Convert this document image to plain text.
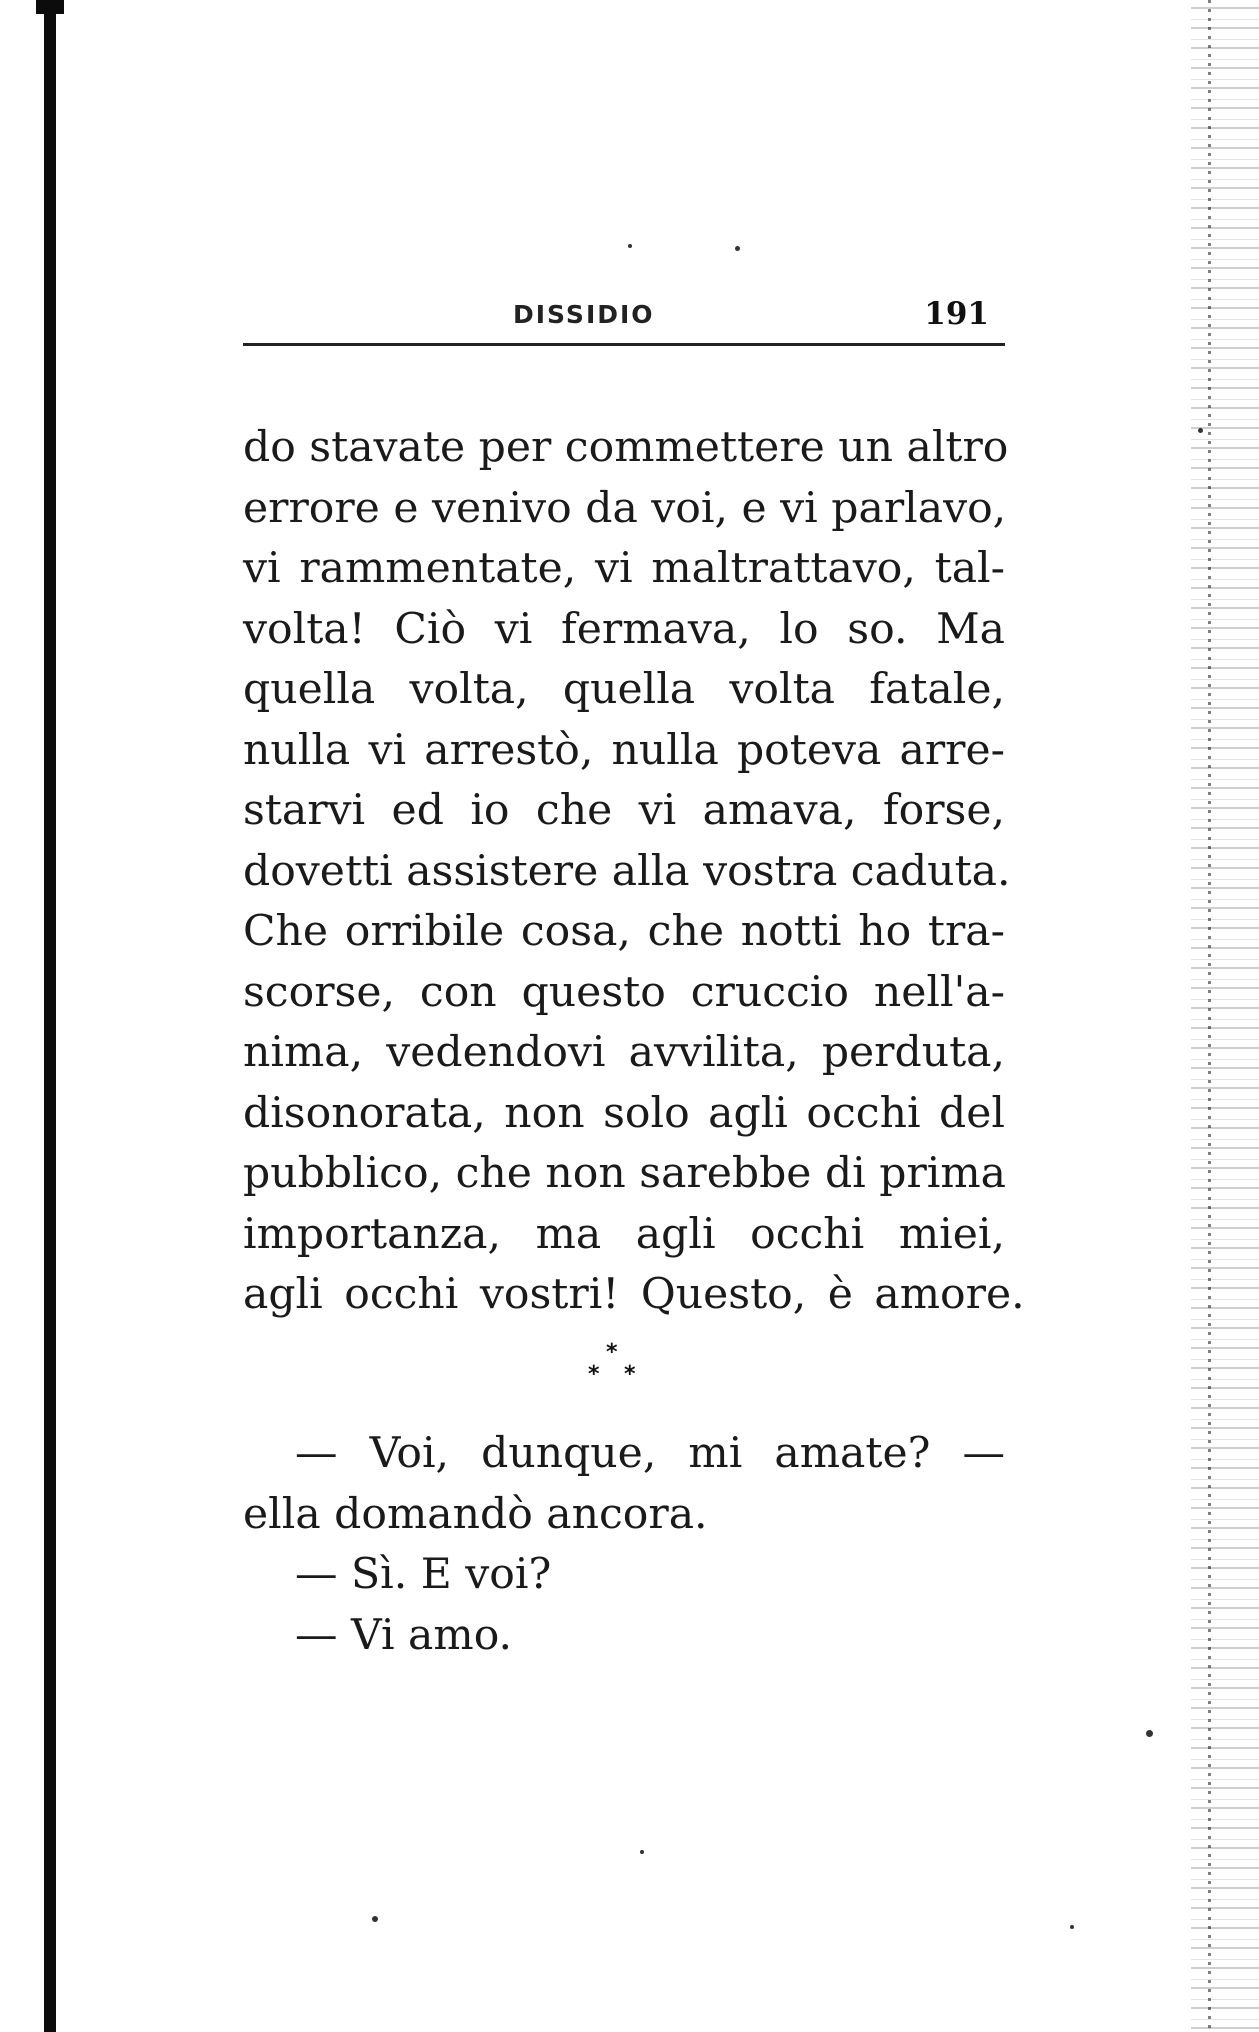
DISSIDIO	191
do stavate per commettere un altro
errore e venivo da voi, e vi parlavo,
vi rammentate, vi maltrattavo, tal-
volta! Ciò vi fermava, lo so. Ma
quella volta, quella volta fatale,
nulla vi arrestò, nulla poteva arre-
starvi ed io che vi amava, forse,
dovetti assistere alla vostra caduta.
Che orribile cosa, che notti ho tra-
scorse, con questo cruccio nell'a-
nima, vedendovi avvilita, perduta,
disonorata, non solo agli occhi del
pubblico, che non sarebbe di prima
importanza, ma agli occhi miei,
agli occhi vostri! Questo, è amore.
*
* *
— Voi, dunque, mi amate? —
ella domandò ancora.
— Sì. E voi?
— Vi amo.
